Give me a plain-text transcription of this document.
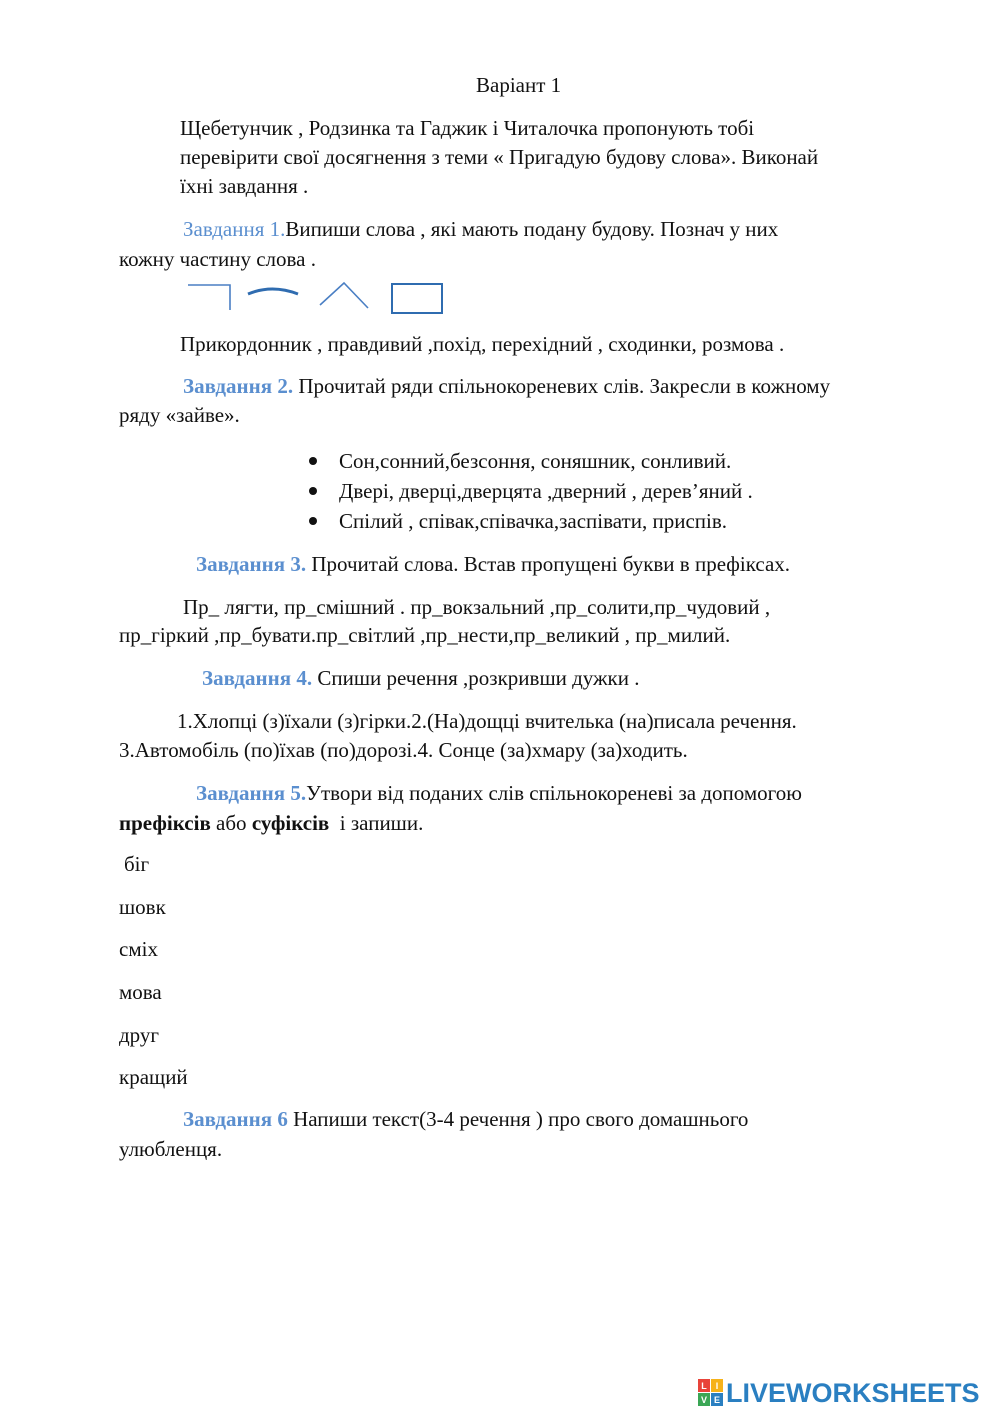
Варіант 1
Щебетунчик , Родзинка та Гаджик і Читалочка пропонують тобі
перевірити свої досягнення з теми « Пригадую будову слова». Виконай
їхні завдання .
Завдання 1.Випиши слова , які мають подану будову. Познач у них
кожну частину слова .
Прикордонник , правдивий ,похід, перехідний , сходинки, розмова .
Завдання 2. Прочитай ряди спільнокореневих слів. Закресли в кожному
ряду «зайве».
Сон,сонний,безсоння, соняшник, сонливий.
Двері, дверці,дверцята ,дверний , дерев’яний .
Спілий , співак,співачка,заспівати, приспів.
Завдання 3. Прочитай слова. Встав пропущені букви в префіксах.
Пр_ лягти, пр_смішний . пр_вокзальний ,пр_солити,пр_чудовий ,
пр_гіркий ,пр_бувати.пр_світлий ,пр_нести,пр_великий , пр_милий.
Завдання 4. Спиши речення ,розкривши дужки .
1.Хлопці (з)їхали (з)гірки.2.(На)дощці вчителька (на)писала речення.
3.Автомобіль (по)їхав (по)дорозі.4. Сонце (за)хмару (за)ходить.
Завдання 5.Утвори від поданих слів спільнокореневі за допомогою
префіксів або суфіксів  і запиши.
біг
шовк
сміх
мова
друг
кращий
Завдання 6 Напиши текст(3-4 речення ) про свого домашнього
улюбленця.
L I
V E LIVEWORKSHEETS
